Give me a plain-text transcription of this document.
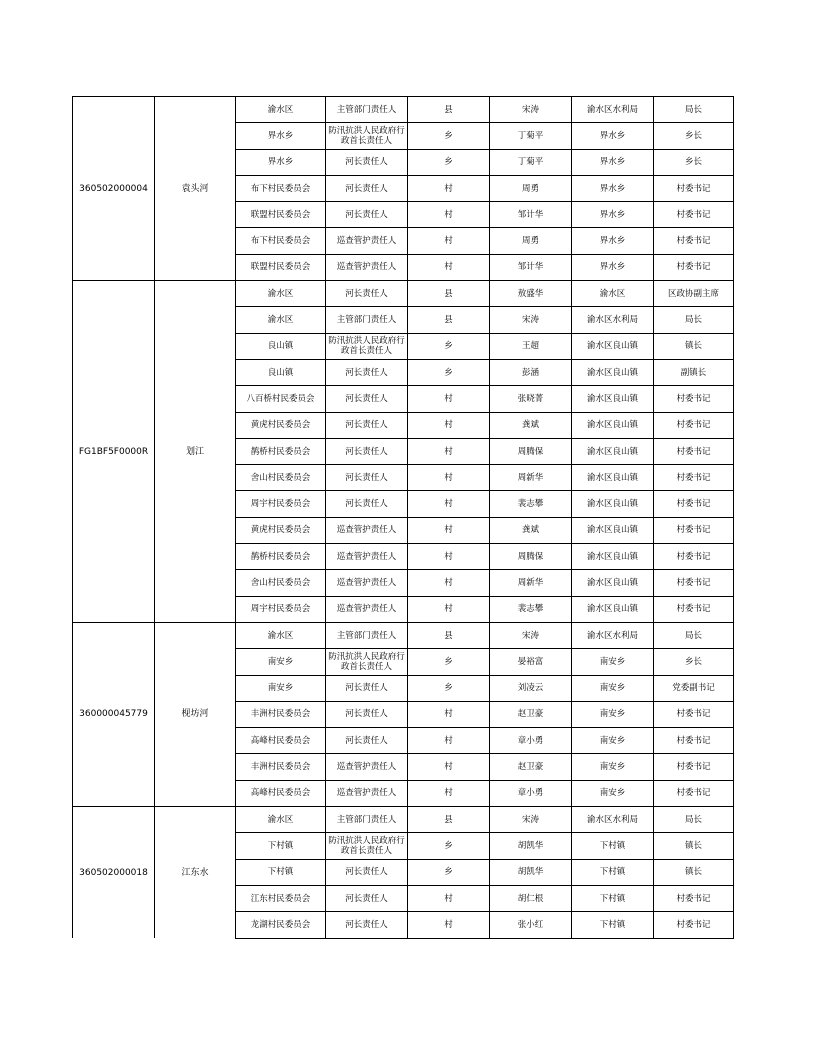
360502000004	袁头河	渝水区	主管部门责任人	县	宋涛	渝水区水利局	局长
		界水乡	防汛抗洪人民政府行政首长责任人	乡	丁菊平	界水乡	乡长
		界水乡	河长责任人	乡	丁菊平	界水乡	乡长
		布下村民委员会	河长责任人	村	周勇	界水乡	村委书记
		联盟村民委员会	河长责任人	村	邹计华	界水乡	村委书记
		布下村民委员会	巡查管护责任人	村	周勇	界水乡	村委书记
		联盟村民委员会	巡查管护责任人	村	邹计华	界水乡	村委书记
FG1BF5F0000R	划江	渝水区	河长责任人	县	敖盛华	渝水区	区政协副主席
		渝水区	主管部门责任人	县	宋涛	渝水区水利局	局长
		良山镇	防汛抗洪人民政府行政首长责任人	乡	王超	渝水区良山镇	镇长
		良山镇	河长责任人	乡	彭涵	渝水区良山镇	副镇长
		八百桥村民委员会	河长责任人	村	张晓菁	渝水区良山镇	村委书记
		黄虎村民委员会	河长责任人	村	龚斌	渝水区良山镇	村委书记
		鹊桥村民委员会	河长责任人	村	周腾保	渝水区良山镇	村委书记
		舍山村民委员会	河长责任人	村	周新华	渝水区良山镇	村委书记
		周宇村民委员会	河长责任人	村	裴志攀	渝水区良山镇	村委书记
		黄虎村民委员会	巡查管护责任人	村	龚斌	渝水区良山镇	村委书记
		鹊桥村民委员会	巡查管护责任人	村	周腾保	渝水区良山镇	村委书记
		舍山村民委员会	巡查管护责任人	村	周新华	渝水区良山镇	村委书记
		周宇村民委员会	巡查管护责任人	村	裴志攀	渝水区良山镇	村委书记
360000045779	枧坊河	渝水区	主管部门责任人	县	宋涛	渝水区水利局	局长
		南安乡	防汛抗洪人民政府行政首长责任人	乡	晏裕富	南安乡	乡长
		南安乡	河长责任人	乡	刘凌云	南安乡	党委副书记
		丰洲村民委员会	河长责任人	村	赵卫豪	南安乡	村委书记
		高峰村民委员会	河长责任人	村	章小勇	南安乡	村委书记
		丰洲村民委员会	巡查管护责任人	村	赵卫豪	南安乡	村委书记
		高峰村民委员会	巡查管护责任人	村	章小勇	南安乡	村委书记
360502000018	江东水	渝水区	主管部门责任人	县	宋涛	渝水区水利局	局长
		下村镇	防汛抗洪人民政府行政首长责任人	乡	胡凯华	下村镇	镇长
		下村镇	河长责任人	乡	胡凯华	下村镇	镇长
		江东村民委员会	河长责任人	村	胡仁根	下村镇	村委书记
		龙湖村民委员会	河长责任人	村	张小红	下村镇	村委书记
